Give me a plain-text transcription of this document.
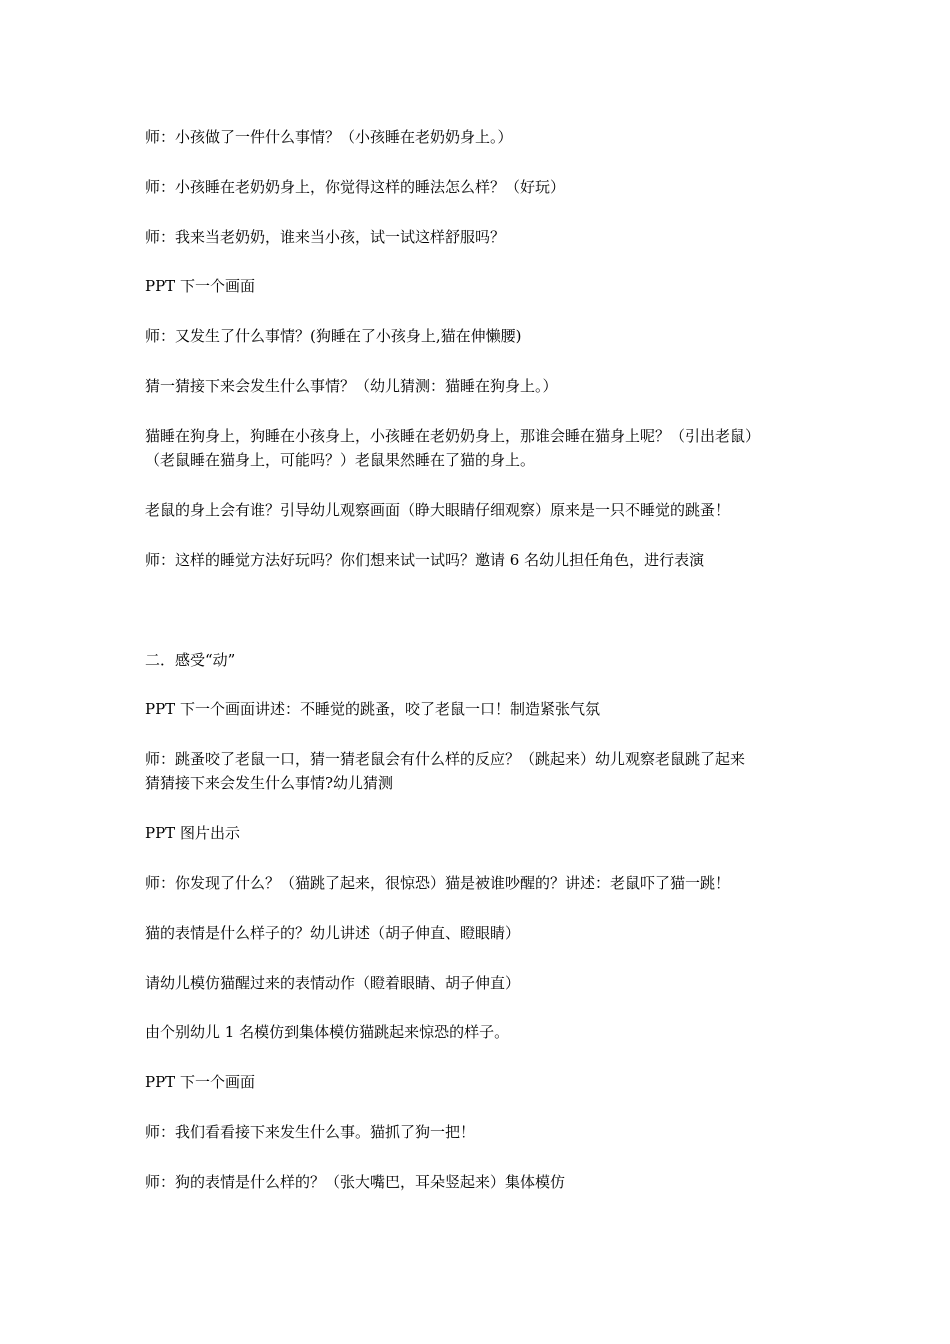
师：小孩做了一件什么事情？（小孩睡在老奶奶身上。）
师：小孩睡在老奶奶身上，你觉得这样的睡法怎么样？（好玩）
师：我来当老奶奶，谁来当小孩，试一试这样舒服吗？
PPT 下一个画面
师：又发生了什么事情？(狗睡在了小孩身上,猫在伸懒腰)
猜一猜接下来会发生什么事情？（幼儿猜测：猫睡在狗身上。）
猫睡在狗身上，狗睡在小孩身上，小孩睡在老奶奶身上，那谁会睡在猫身上呢？（引出老鼠）
（老鼠睡在猫身上，可能吗？）老鼠果然睡在了猫的身上。
老鼠的身上会有谁？引导幼儿观察画面（睁大眼睛仔细观察）原来是一只不睡觉的跳蚤！
师：这样的睡觉方法好玩吗？你们想来试一试吗？邀请 6 名幼儿担任角色，进行表演
二．感受“动”
PPT 下一个画面讲述：不睡觉的跳蚤，咬了老鼠一口！制造紧张气氛
师：跳蚤咬了老鼠一口，猜一猜老鼠会有什么样的反应？（跳起来）幼儿观察老鼠跳了起来
猜猜接下来会发生什么事情?幼儿猜测
PPT 图片出示
师：你发现了什么？（猫跳了起来，很惊恐）猫是被谁吵醒的？讲述：老鼠吓了猫一跳！
猫的表情是什么样子的？幼儿讲述（胡子伸直、瞪眼睛）
请幼儿模仿猫醒过来的表情动作（瞪着眼睛、胡子伸直）
由个别幼儿 1 名模仿到集体模仿猫跳起来惊恐的样子。
PPT 下一个画面
师：我们看看接下来发生什么事。猫抓了狗一把！
师：狗的表情是什么样的？（张大嘴巴，耳朵竖起来）集体模仿
